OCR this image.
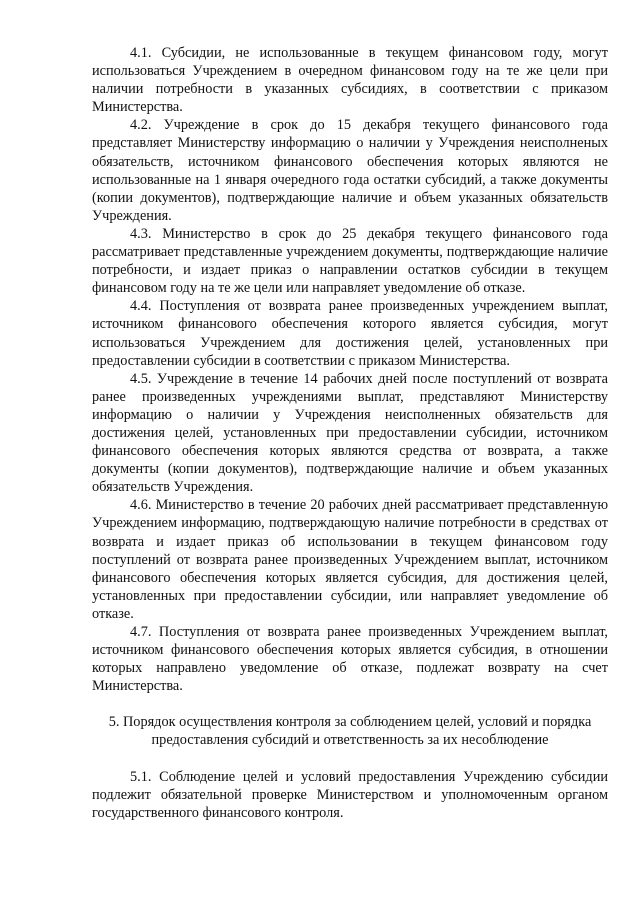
4.1. Субсидии, не использованные в текущем финансовом году, могут использоваться Учреждением в очередном финансовом году на те же цели при наличии потребности в указанных субсидиях, в соответствии с приказом Министерства.

4.2. Учреждение в срок до 15 декабря текущего финансового года представляет Министерству информацию о наличии у Учреждения неисполненых обязательств, источником финансового обеспечения которых являются не использованные на 1 января очередного года остатки субсидий, а также документы (копии документов), подтверждающие наличие и объем указанных обязательств Учреждения.

4.3. Министерство в срок до 25 декабря текущего финансового года рассматривает представленные учреждением документы, подтверждающие наличие потребности, и издает приказ о направлении остатков субсидии в текущем финансовом году на те же цели или направляет уведомление об отказе.

4.4. Поступления от возврата ранее произведенных учреждением выплат, источником финансового обеспечения которого является субсидия, могут использоваться Учреждением для достижения целей, установленных при предоставлении субсидии в соответствии с приказом Министерства.

4.5. Учреждение в течение 14 рабочих дней после поступлений от возврата ранее произведенных учреждениями выплат, представляют Министерству информацию о наличии у Учреждения неисполненных обязательств для достижения целей, установленных при предоставлении субсидии, источником финансового обеспечения которых являются средства от возврата, а также документы (копии документов), подтверждающие наличие и объем указанных обязательств Учреждения.

4.6. Министерство в течение 20 рабочих дней рассматривает представленную Учреждением информацию, подтверждающую наличие потребности в средствах от возврата и издает приказ об использовании в текущем финансовом году поступлений от возврата ранее произведенных Учреждением выплат, источником финансового обеспечения которых является субсидия, для достижения целей, установленных при предоставлении субсидии, или направляет уведомление об отказе.

4.7. Поступления от возврата ранее произведенных Учреждением выплат, источником финансового обеспечения которых является субсидия, в отношении которых направлено уведомление об отказе, подлежат возврату на счет Министерства.

5. Порядок осуществления контроля за соблюдением целей, условий и порядка
предоставления субсидий и ответственность за их несоблюдение

5.1. Соблюдение целей и условий предоставления Учреждению субсидии подлежит обязательной проверке Министерством и уполномоченным органом государственного финансового контроля.
